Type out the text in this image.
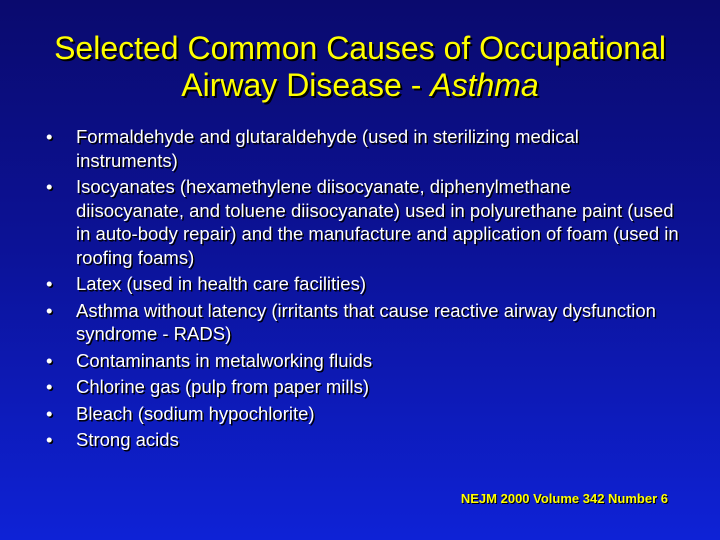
Selected Common Causes of Occupational Airway Disease - Asthma
• Formaldehyde and glutaraldehyde (used in sterilizing medical instruments)
• Isocyanates (hexamethylene diisocyanate, diphenylmethane diisocyanate, and toluene diisocyanate) used in polyurethane paint (used in auto-body repair) and the manufacture and application of foam (used in roofing foams)
• Latex (used in health care facilities)
• Asthma without latency (irritants that cause reactive airway dysfunction syndrome - RADS)
• Contaminants in metalworking fluids
• Chlorine gas (pulp from paper mills)
• Bleach (sodium hypochlorite)
• Strong acids
NEJM 2000 Volume 342 Number 6
